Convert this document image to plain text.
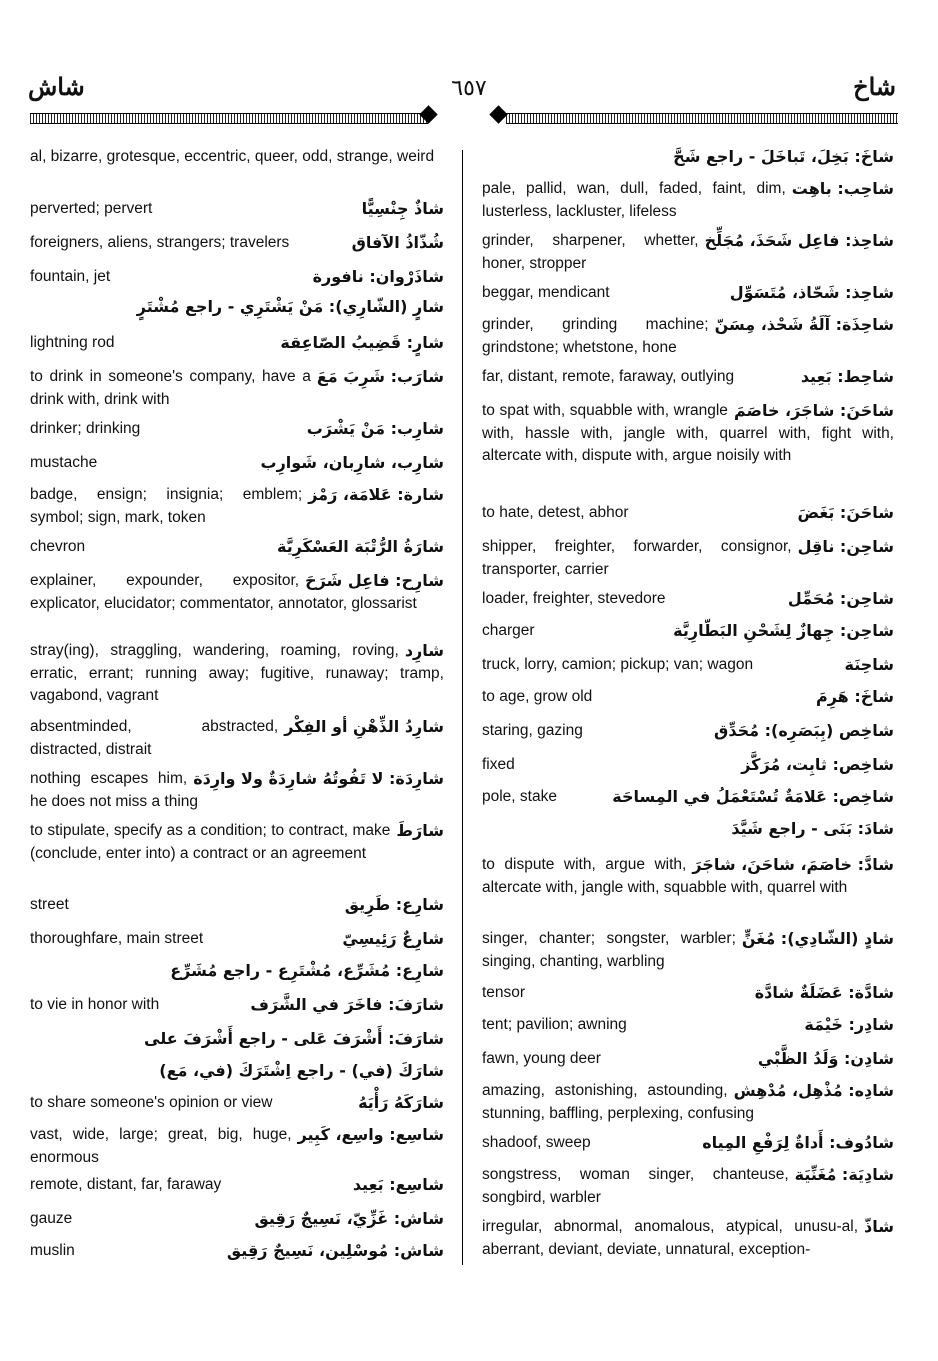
شاخ
٦٥٧
شاش
al, bizarre, grotesque, eccentric, queer, odd, strange, weird
شاذٌ جِنْسِيًّا
perverted; pervert
شُذّاذُ الآفاق
foreigners, aliens, strangers; travelers
شاذَرْوان: نافورة
fountain, jet
شارٍ (الشّارِي): مَنْ يَشْتَرِي - راجع مُشْتَرٍ
شارٍ: قَضِيبُ الصّاعِقة
lightning rod
شارَب: شَرِبَ مَعَ
to drink in someone's company, have a drink with, drink with
شارِب: مَنْ يَشْرَب
drinker; drinking
شارِب، شارِبان، شَوارِب
mustache
شارة: عَلامَة، رَمْز
badge, ensign; insignia; emblem; symbol; sign, mark, token
شارَةُ الرُّتْبَة العَسْكَرِيَّة
chevron
شارِح: فاعِل شَرَحَ
explainer, expounder, expositor, explicator, elucidator; commentator, annotator, glossarist
شارِد
stray(ing), straggling, wandering, roaming, roving, erratic, errant; running away; fugitive, runaway; tramp, vagabond, vagrant
شارِدُ الذِّهْنِ أو الفِكْر
absentminded, abstracted, distracted, distrait
شارِدَة: لا تَفُوتُهُ شارِدَةٌ ولا وارِدَة
nothing escapes him, he does not miss a thing
شارَطَ
to stipulate, specify as a condition; to contract, make (conclude, enter into) a contract or an agreement
شارِع: طَرِيق
street
شارِعٌ رَئِيسِيّ
thoroughfare, main street
شارِع: مُشَرِّع، مُشْتَرِع - راجع مُشَرِّع
شارَفَ: فاخَرَ في الشَّرَف
to vie in honor with
شارَفَ: أَشْرَفَ عَلى - راجع أَشْرَفَ على
شارَكَ (في) - راجع اِشْتَرَكَ (في، مَع)
شارَكَهُ رَأْيَهُ
to share someone's opinion or view
شاسِع: واسِع، كَبِير
vast, wide, large; great, big, huge, enormous
شاسِع: بَعِيد
remote, distant, far, faraway
شاش: غَزِّيّ، نَسِيجٌ رَقِيق
gauze
شاش: مُوسْلِين، نَسِيجٌ رَقِيق
muslin
شاخَ: بَخِلَ، تَباخَلَ - راجع شَحَّ
شاحِب: باهِت
pale, pallid, wan, dull, faded, faint, dim, lusterless, lackluster, lifeless
شاحِذ: فاعِل شَحَذَ، مُجَلِّخ
grinder, sharpener, whetter, honer, stropper
شاحِذ: شَحّاذ، مُتَسَوِّل
beggar, mendicant
شاحِذَة: آلَةُ شَحْذ، مِسَنّ
grinder, grinding machine; grindstone; whetstone, hone
شاحِط: بَعِيد
far, distant, remote, faraway, outlying
شاحَنَ: شاجَرَ، خاصَمَ
to spat with, squabble with, wrangle with, hassle with, jangle with, quarrel with, fight with, altercate with, dispute with, argue noisily with
شاحَنَ: بَغَضَ
to hate, detest, abhor
شاحِن: ناقِل
shipper, freighter, forwarder, consignor, transporter, carrier
شاحِن: مُحَمِّل
loader, freighter, stevedore
شاحِن: جِهازٌ لِشَحْنِ البَطّارِيَّة
charger
شاحِنَة
truck, lorry, camion; pickup; van; wagon
شاخَ: هَرِمَ
to age, grow old
شاخِص (بِبَصَرِه): مُحَدِّق
staring, gazing
شاخِص: ثابِت، مُرَكَّز
fixed
شاخِص: عَلامَةٌ تُسْتَعْمَلُ في المِساحَة
pole, stake
شادَ: بَنَى - راجع شَيَّدَ
شادَّ: خاصَمَ، شاحَنَ، شاجَرَ
to dispute with, argue with, altercate with, jangle with, squabble with, quarrel with
شادٍ (الشّادِي): مُغَنٍّ
singer, chanter; songster, warbler; singing, chanting, warbling
شادَّة: عَضَلَةٌ شادَّة
tensor
شادِر: خَيْمَة
tent; pavilion; awning
شادِن: وَلَدُ الظَّبْي
fawn, young deer
شادِه: مُذْهِل، مُدْهِش
amazing, astonishing, astounding, stunning, baffling, perplexing, confusing
شادُوف: أَداةٌ لِرَفْعِ المِياه
shadoof, sweep
شادِيَة: مُغَنِّيَة
songstress, woman singer, chanteuse, songbird, warbler
شاذّ
irregular, abnormal, anomalous, atypical, unusu-al, aberrant, deviant, deviate, unnatural, exception-
